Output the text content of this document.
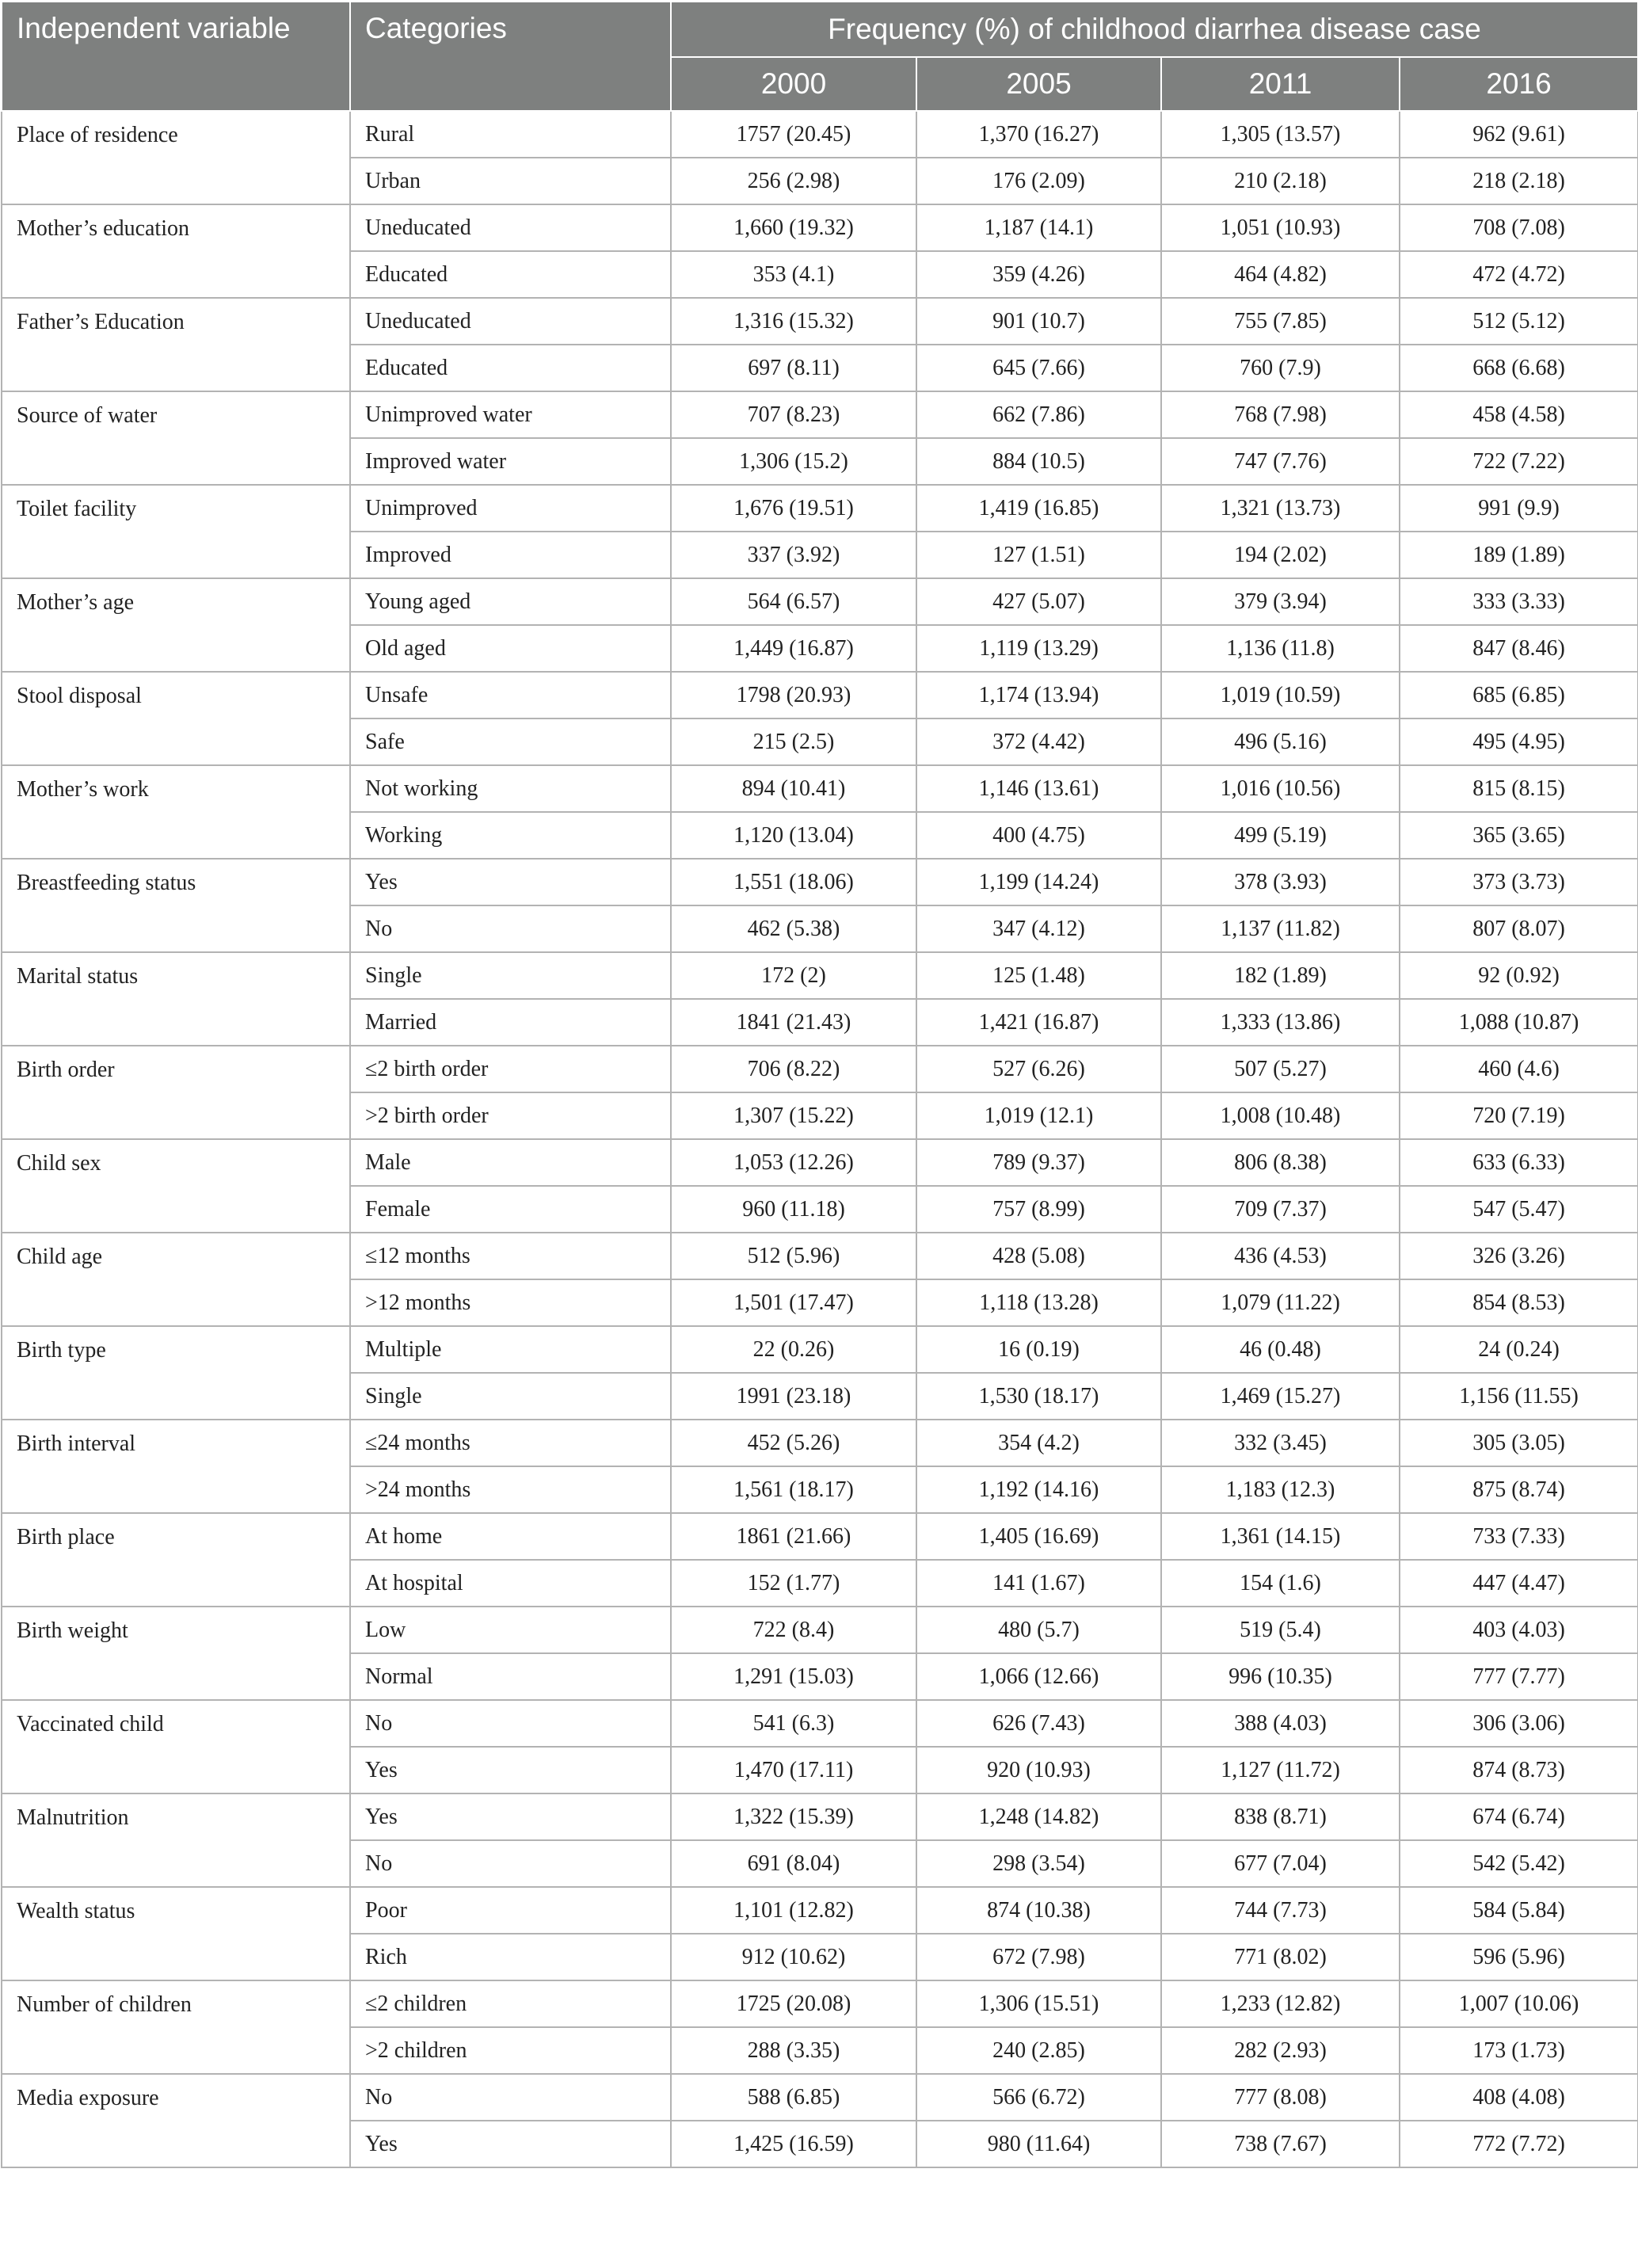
Independent variable	Categories	Frequency (%) of childhood diarrhea disease case			
		2000	2005	2011	2016
Place of residence	Rural	1757 (20.45)	1,370 (16.27)	1,305 (13.57)	962 (9.61)
	Urban	256 (2.98)	176 (2.09)	210 (2.18)	218 (2.18)
Mother’s education	Uneducated	1,660 (19.32)	1,187 (14.1)	1,051 (10.93)	708 (7.08)
	Educated	353 (4.1)	359 (4.26)	464 (4.82)	472 (4.72)
Father’s Education	Uneducated	1,316 (15.32)	901 (10.7)	755 (7.85)	512 (5.12)
	Educated	697 (8.11)	645 (7.66)	760 (7.9)	668 (6.68)
Source of water	Unimproved water	707 (8.23)	662 (7.86)	768 (7.98)	458 (4.58)
	Improved water	1,306 (15.2)	884 (10.5)	747 (7.76)	722 (7.22)
Toilet facility	Unimproved	1,676 (19.51)	1,419 (16.85)	1,321 (13.73)	991 (9.9)
	Improved	337 (3.92)	127 (1.51)	194 (2.02)	189 (1.89)
Mother’s age	Young aged	564 (6.57)	427 (5.07)	379 (3.94)	333 (3.33)
	Old aged	1,449 (16.87)	1,119 (13.29)	1,136 (11.8)	847 (8.46)
Stool disposal	Unsafe	1798 (20.93)	1,174 (13.94)	1,019 (10.59)	685 (6.85)
	Safe	215 (2.5)	372 (4.42)	496 (5.16)	495 (4.95)
Mother’s work	Not working	894 (10.41)	1,146 (13.61)	1,016 (10.56)	815 (8.15)
	Working	1,120 (13.04)	400 (4.75)	499 (5.19)	365 (3.65)
Breastfeeding status	Yes	1,551 (18.06)	1,199 (14.24)	378 (3.93)	373 (3.73)
	No	462 (5.38)	347 (4.12)	1,137 (11.82)	807 (8.07)
Marital status	Single	172 (2)	125 (1.48)	182 (1.89)	92 (0.92)
	Married	1841 (21.43)	1,421 (16.87)	1,333 (13.86)	1,088 (10.87)
Birth order	≤2 birth order	706 (8.22)	527 (6.26)	507 (5.27)	460 (4.6)
	>2 birth order	1,307 (15.22)	1,019 (12.1)	1,008 (10.48)	720 (7.19)
Child sex	Male	1,053 (12.26)	789 (9.37)	806 (8.38)	633 (6.33)
	Female	960 (11.18)	757 (8.99)	709 (7.37)	547 (5.47)
Child age	≤12 months	512 (5.96)	428 (5.08)	436 (4.53)	326 (3.26)
	>12 months	1,501 (17.47)	1,118 (13.28)	1,079 (11.22)	854 (8.53)
Birth type	Multiple	22 (0.26)	16 (0.19)	46 (0.48)	24 (0.24)
	Single	1991 (23.18)	1,530 (18.17)	1,469 (15.27)	1,156 (11.55)
Birth interval	≤24 months	452 (5.26)	354 (4.2)	332 (3.45)	305 (3.05)
	>24 months	1,561 (18.17)	1,192 (14.16)	1,183 (12.3)	875 (8.74)
Birth place	At home	1861 (21.66)	1,405 (16.69)	1,361 (14.15)	733 (7.33)
	At hospital	152 (1.77)	141 (1.67)	154 (1.6)	447 (4.47)
Birth weight	Low	722 (8.4)	480 (5.7)	519 (5.4)	403 (4.03)
	Normal	1,291 (15.03)	1,066 (12.66)	996 (10.35)	777 (7.77)
Vaccinated child	No	541 (6.3)	626 (7.43)	388 (4.03)	306 (3.06)
	Yes	1,470 (17.11)	920 (10.93)	1,127 (11.72)	874 (8.73)
Malnutrition	Yes	1,322 (15.39)	1,248 (14.82)	838 (8.71)	674 (6.74)
	No	691 (8.04)	298 (3.54)	677 (7.04)	542 (5.42)
Wealth status	Poor	1,101 (12.82)	874 (10.38)	744 (7.73)	584 (5.84)
	Rich	912 (10.62)	672 (7.98)	771 (8.02)	596 (5.96)
Number of children	≤2 children	1725 (20.08)	1,306 (15.51)	1,233 (12.82)	1,007 (10.06)
	>2 children	288 (3.35)	240 (2.85)	282 (2.93)	173 (1.73)
Media exposure	No	588 (6.85)	566 (6.72)	777 (8.08)	408 (4.08)
	Yes	1,425 (16.59)	980 (11.64)	738 (7.67)	772 (7.72)
